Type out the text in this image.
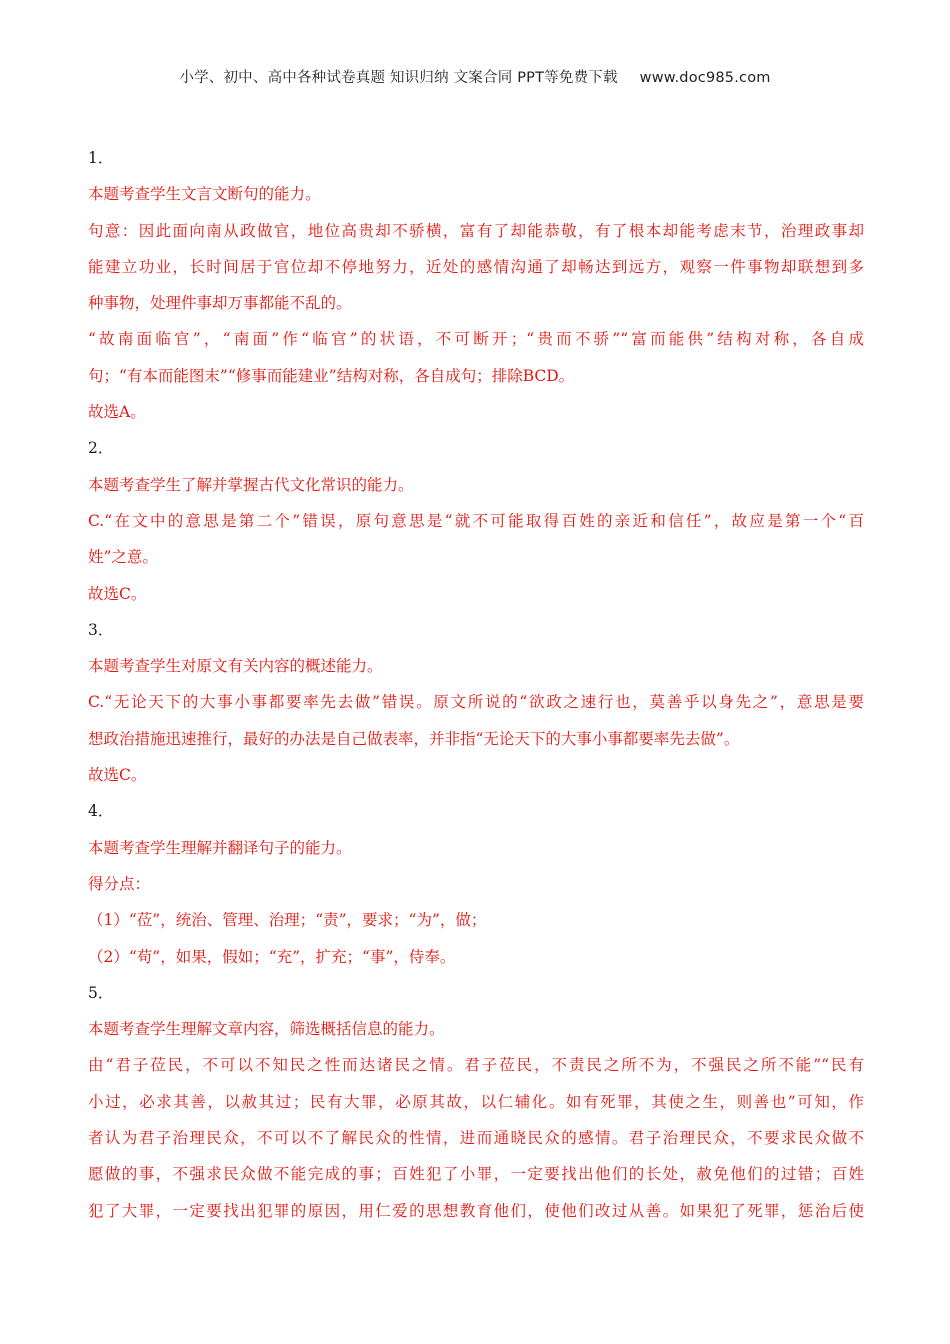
小学、初中、高中各种试卷真题 知识归纳 文案合同 PPT等免费下载 www.doc985.com
1．
本题考查学生文言文断句的能力。
句意：因此面向南从政做官，地位高贵却不骄横，富有了却能恭敬，有了根本却能考虑末节，治理政事却
能建立功业，长时间居于官位却不停地努力，近处的感情沟通了却畅达到远方，观察一件事物却联想到多
种事物，处理件事却万事都能不乱的。
“故南面临官”，“南面”作“临官”的状语，不可断开；“贵而不骄”“富而能供”结构对称，各自成
句；“有本而能图末”“修事而能建业”结构对称，各自成句；排除BCD。
故选A。
2．
本题考查学生了解并掌握古代文化常识的能力。
C.“在文中的意思是第二个”错误，原句意思是“就不可能取得百姓的亲近和信任”，故应是第一个“百
姓”之意。
故选C。
3．
本题考查学生对原文有关内容的概述能力。
C.“无论天下的大事小事都要率先去做”错误。原文所说的“欲政之速行也，莫善乎以身先之”，意思是要
想政治措施迅速推行，最好的办法是自己做表率，并非指“无论天下的大事小事都要率先去做”。
故选C。
4．
本题考查学生理解并翻译句子的能力。
得分点：
（1）“莅”，统治、管理、治理；“责”，要求；“为”，做；
（2）“苟”，如果，假如；“充”，扩充；“事”，侍奉。
5．
本题考查学生理解文章内容，筛选概括信息的能力。
由“君子莅民，不可以不知民之性而达诸民之情。君子莅民，不责民之所不为，不强民之所不能”“民有
小过，必求其善，以赦其过；民有大罪，必原其故，以仁辅化。如有死罪，其使之生，则善也”可知，作
者认为君子治理民众，不可以不了解民众的性情，进而通晓民众的感情。君子治理民众，不要求民众做不
愿做的事，不强求民众做不能完成的事；百姓犯了小罪，一定要找出他们的长处，赦免他们的过错；百姓
犯了大罪，一定要找出犯罪的原因，用仁爱的思想教育他们，使他们改过从善。如果犯了死罪，惩治后使
